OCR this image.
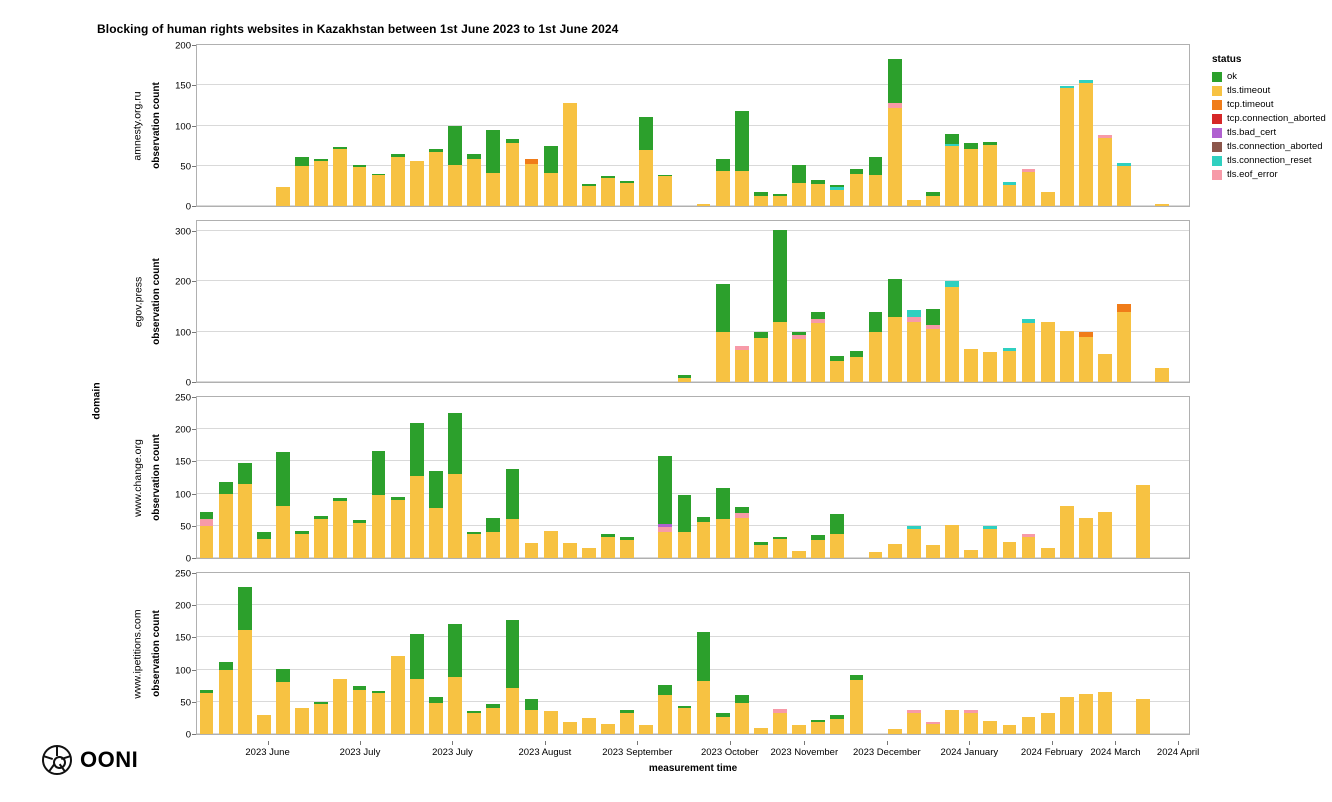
Blocking of human rights websites in Kazakhstan between 1st June 2023 to 1st June 2024
domain
amnesty.org.ru observation count
0
50
100
150
200
egov.press observation count
0
100
200
300
www.change.org observation count
0
50
100
150
200
250
www.ipetitions.com observation count
0
50
100
150
200
250
2023 June	2023 July	2023 July	2023 August	2023 September	2023 October 2023 November 2023 December 2024 January 2024 February 2024 March 2024 April
measurement time
status
ok
tls.timeout
tcp.timeout
tcp.connection_aborted
tls.bad_cert
tls.connection_aborted
tls.connection_reset
tls.eof_error
OONI
